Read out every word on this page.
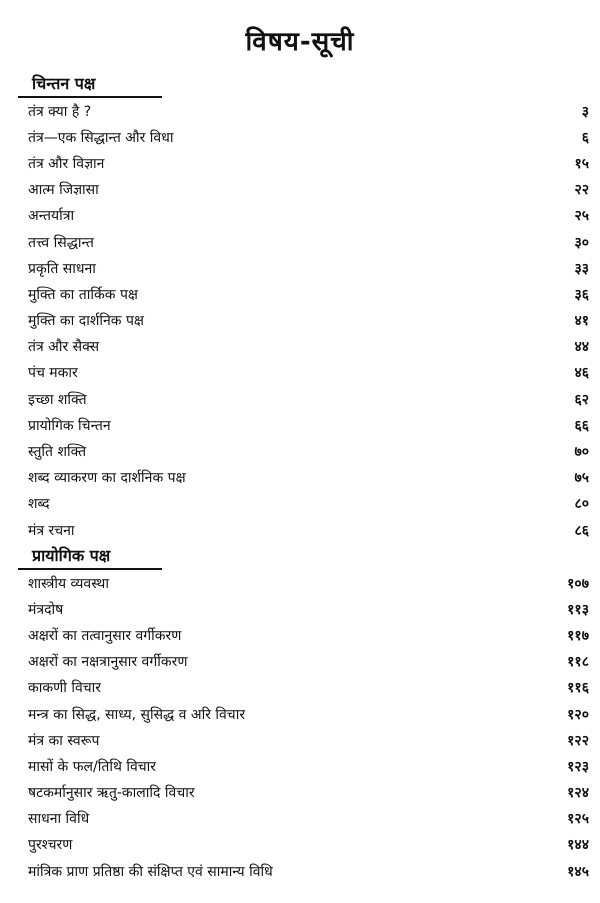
विषय-सूची
चिन्तन पक्ष
तंत्र क्या है ?	३
तंत्र—एक सिद्धान्त और विधा	६
तंत्र और विज्ञान	१५
आत्म जिज्ञासा	२२
अन्तर्यात्रा	२५
तत्त्व सिद्धान्त	३०
प्रकृति साधना	३३
मुक्ति का तार्किक पक्ष	३६
मुक्ति का दार्शनिक पक्ष	४१
तंत्र और सैक्स	४४
पंच मकार	४६
इच्छा शक्ति	६२
प्रायोगिक चिन्तन	६६
स्तुति शक्ति	७०
शब्द व्याकरण का दार्शनिक पक्ष	७५
शब्द	८०
मंत्र रचना	८६
प्रायोगिक पक्ष
शास्त्रीय व्यवस्था	१०७
मंत्रदोष	११३
अक्षरों का तत्वानुसार वर्गीकरण	११७
अक्षरों का नक्षत्रानुसार वर्गीकरण	११८
काकणी विचार	११६
मन्त्र का सिद्ध, साध्य, सुसिद्ध व अरि विचार	१२०
मंत्र का स्वरूप	१२२
मासों के फल/तिथि विचार	१२३
षटकर्मानुसार ऋतु-कालादि विचार	१२४
साधना विधि	१२५
पुरश्चरण	१४४
मांत्रिक प्राण प्रतिष्ठा की संक्षिप्त एवं सामान्य विधि	१४५
